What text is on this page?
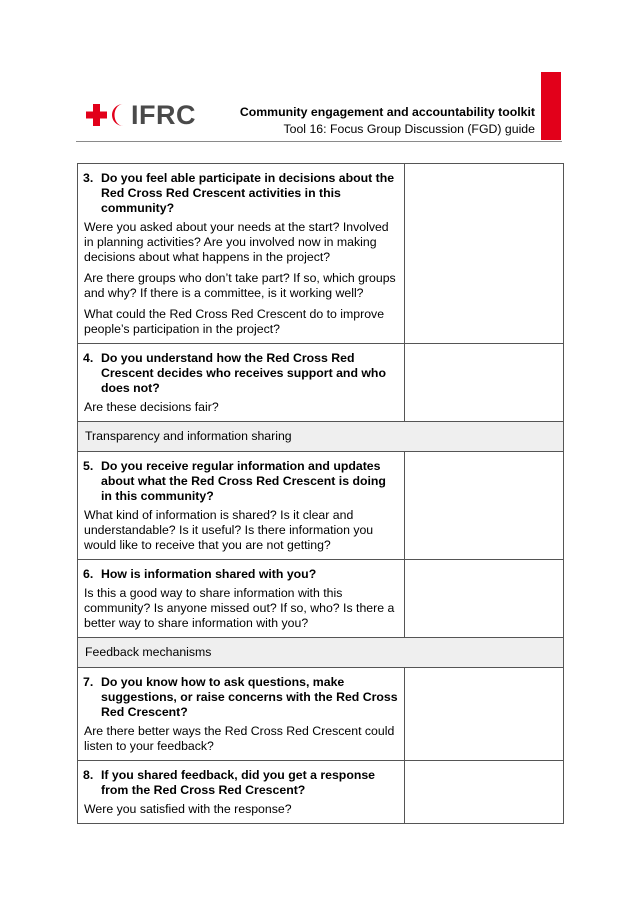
IFRC	Community engagement and accountability toolkit
Tool 16: Focus Group Discussion (FGD) guide
3. Do you feel able participate in decisions about the Red Cross Red Crescent activities in this community?
Were you asked about your needs at the start? Involved in planning activities? Are you involved now in making decisions about what happens in the project?
Are there groups who don’t take part? If so, which groups and why? If there is a committee, is it working well?
What could the Red Cross Red Crescent do to improve people’s participation in the project?	

4. Do you understand how the Red Cross Red Crescent decides who receives support and who does not?
Are these decisions fair?	

Transparency and information sharing	

5. Do you receive regular information and updates about what the Red Cross Red Crescent is doing in this community?
What kind of information is shared? Is it clear and understandable? Is it useful? Is there information you would like to receive that you are not getting?	

6. How is information shared with you?
Is this a good way to share information with this community? Is anyone missed out? If so, who? Is there a better way to share information with you?	

Feedback mechanisms	

7. Do you know how to ask questions, make suggestions, or raise concerns with the Red Cross Red Crescent?
Are there better ways the Red Cross Red Crescent could listen to your feedback?	

8. If you shared feedback, did you get a response from the Red Cross Red Crescent?
Were you satisfied with the response?	
